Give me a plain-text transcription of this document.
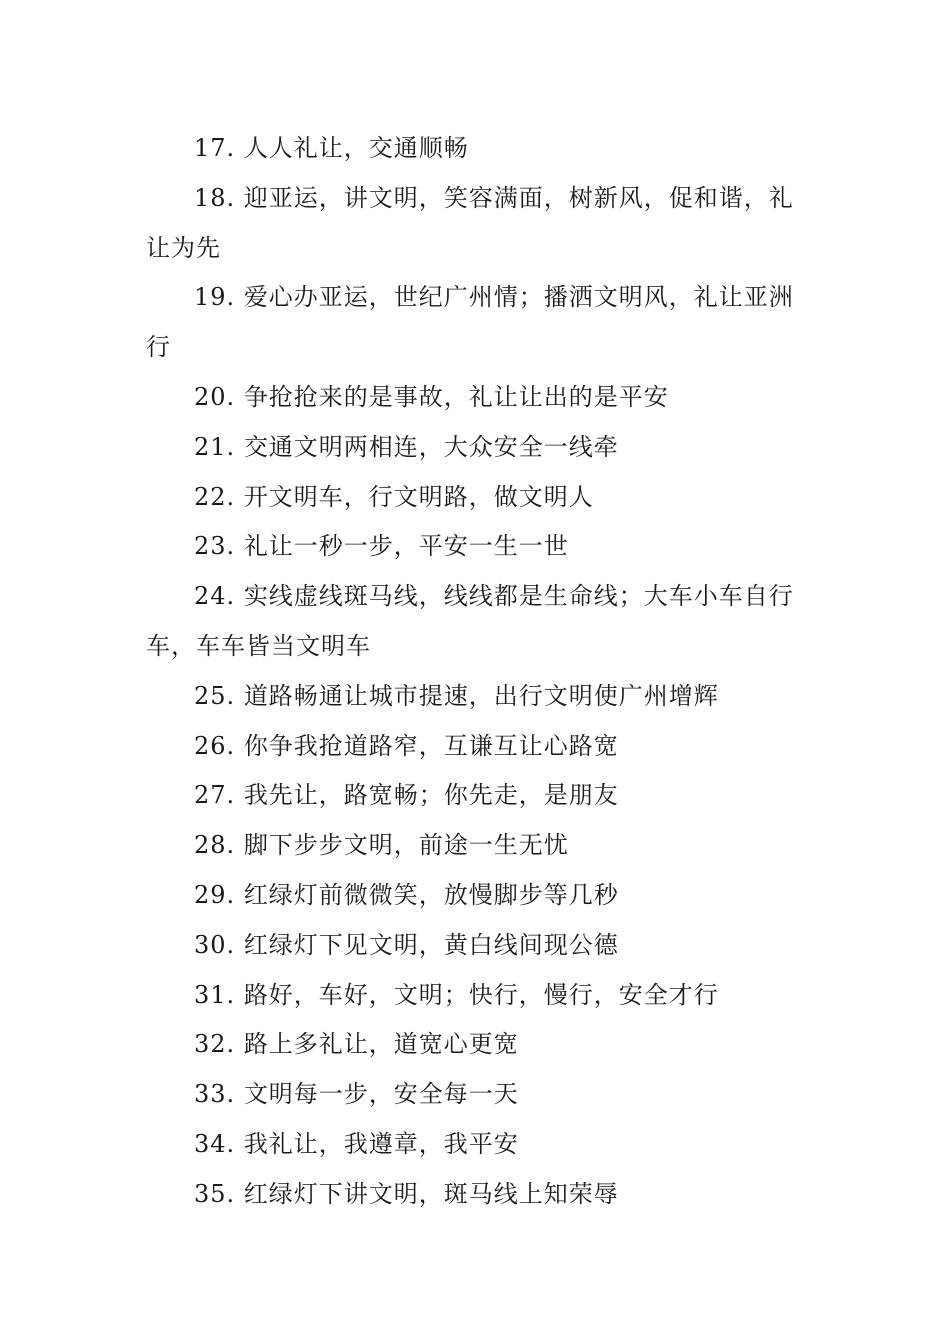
17. 人人礼让，交通顺畅

18. 迎亚运，讲文明，笑容满面，树新风，促和谐，礼让为先

19. 爱心办亚运，世纪广州情；播洒文明风，礼让亚洲行

20. 争抢抢来的是事故，礼让让出的是平安

21. 交通文明两相连，大众安全一线牵

22. 开文明车，行文明路，做文明人

23. 礼让一秒一步，平安一生一世

24. 实线虚线斑马线，线线都是生命线；大车小车自行车，车车皆当文明车

25. 道路畅通让城市提速，出行文明使广州增辉

26. 你争我抢道路窄，互谦互让心路宽

27. 我先让，路宽畅；你先走，是朋友

28. 脚下步步文明，前途一生无忧

29. 红绿灯前微微笑，放慢脚步等几秒

30. 红绿灯下见文明，黄白线间现公德

31. 路好，车好，文明；快行，慢行，安全才行

32. 路上多礼让，道宽心更宽

33. 文明每一步，安全每一天

34. 我礼让，我遵章，我平安

35. 红绿灯下讲文明，斑马线上知荣辱
